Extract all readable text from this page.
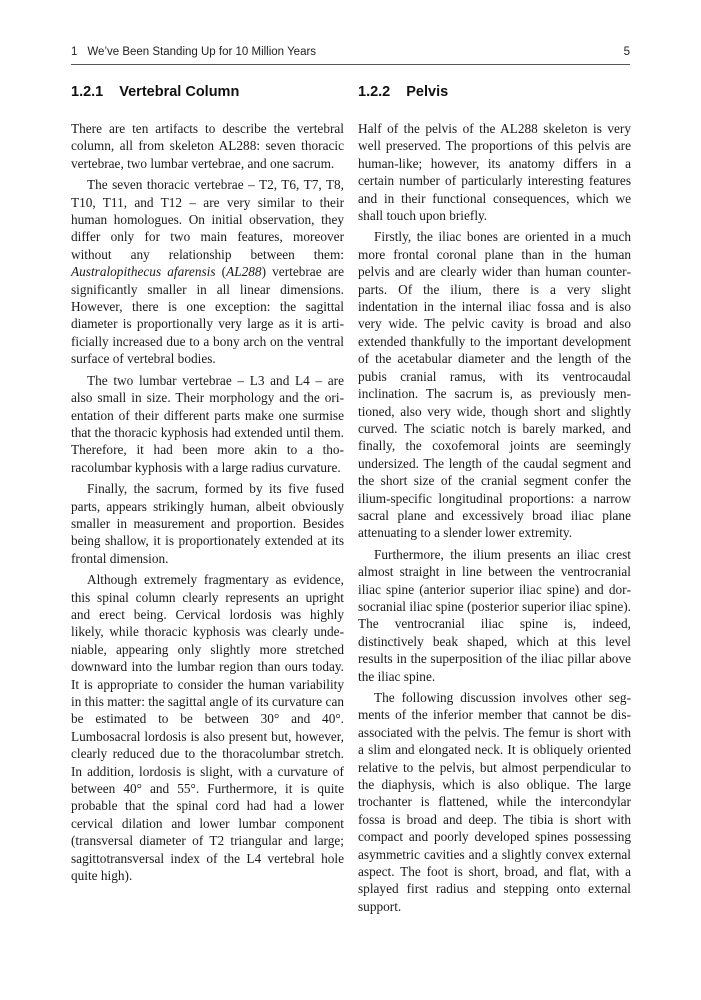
1 We’ve Been Standing Up for 10 Million Years	5
1.2.1 Vertebral Column

There are ten artifacts to describe the vertebral column, all from skeleton AL288: seven thoracic vertebrae, two lumbar vertebrae, and one sacrum.

The seven thoracic vertebrae – T2, T6, T7, T8, T10, T11, and T12 – are very similar to their human homologues. On initial observation, they differ only for two main features, moreover without any relationship between them: Australopithecus afarensis (AL288) vertebrae are significantly smaller in all linear dimensions. However, there is one exception: the sagittal diameter is proportionally very large as it is artificially increased due to a bony arch on the ventral surface of vertebral bodies.

The two lumbar vertebrae – L3 and L4 – are also small in size. Their morphology and the orientation of their different parts make one surmise that the thoracic kyphosis had extended until them. Therefore, it had been more akin to a thoracolumbar kyphosis with a large radius curvature.

Finally, the sacrum, formed by its five fused parts, appears strikingly human, albeit obviously smaller in measurement and proportion. Besides being shallow, it is proportionately extended at its frontal dimension.

Although extremely fragmentary as evidence, this spinal column clearly represents an upright and erect being. Cervical lordosis was highly likely, while thoracic kyphosis was clearly undeniable, appearing only slightly more stretched downward into the lumbar region than ours today. It is appropriate to consider the human variability in this matter: the sagittal angle of its curvature can be estimated to be between 30° and 40°. Lumbosacral lordosis is also present but, however, clearly reduced due to the thoracolumbar stretch. In addition, lordosis is slight, with a curvature of between 40° and 55°. Furthermore, it is quite probable that the spinal cord had had a lower cervical dilation and lower lumbar component (transversal diameter of T2 triangular and large; sagittotransversal index of the L4 vertebral hole quite high).

1.2.2 Pelvis

Half of the pelvis of the AL288 skeleton is very well preserved. The proportions of this pelvis are human-like; however, its anatomy differs in a certain number of particularly interesting features and in their functional consequences, which we shall touch upon briefly.

Firstly, the iliac bones are oriented in a much more frontal coronal plane than in the human pelvis and are clearly wider than human counterparts. Of the ilium, there is a very slight indentation in the internal iliac fossa and is also very wide. The pelvic cavity is broad and also extended thankfully to the important development of the acetabular diameter and the length of the pubis cranial ramus, with its ventrocaudal inclination. The sacrum is, as previously mentioned, also very wide, though short and slightly curved. The sciatic notch is barely marked, and finally, the coxofemoral joints are seemingly undersized. The length of the caudal segment and the short size of the cranial segment confer the ilium-specific longitudinal proportions: a narrow sacral plane and excessively broad iliac plane attenuating to a slender lower extremity.

Furthermore, the ilium presents an iliac crest almost straight in line between the ventrocranial iliac spine (anterior superior iliac spine) and dorsocranial iliac spine (posterior superior iliac spine). The ventrocranial iliac spine is, indeed, distinctively beak shaped, which at this level results in the superposition of the iliac pillar above the iliac spine.

The following discussion involves other segments of the inferior member that cannot be disassociated with the pelvis. The femur is short with a slim and elongated neck. It is obliquely oriented relative to the pelvis, but almost perpendicular to the diaphysis, which is also oblique. The large trochanter is flattened, while the intercondylar fossa is broad and deep. The tibia is short with compact and poorly developed spines possessing asymmetric cavities and a slightly convex external aspect. The foot is short, broad, and flat, with a splayed first radius and stepping onto external support.
